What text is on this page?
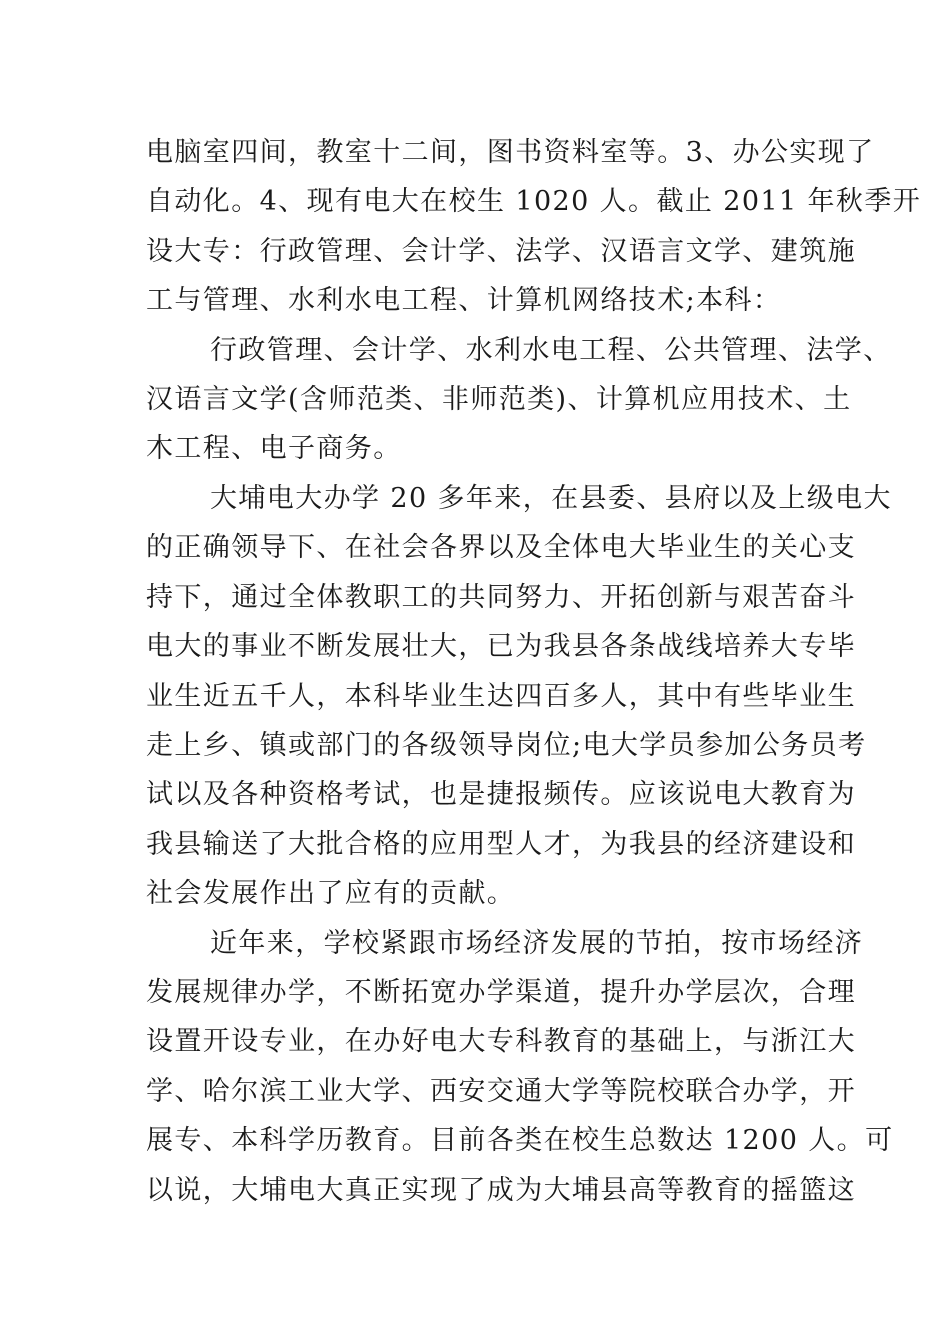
电脑室四间，教室十二间，图书资料室等。3、办公实现了
自动化。4、现有电大在校生 1020 人。截止 2011 年秋季开
设大专：行政管理、会计学、法学、汉语言文学、建筑施
工与管理、水利水电工程、计算机网络技术;本科：
行政管理、会计学、水利水电工程、公共管理、法学、
汉语言文学(含师范类、非师范类)、计算机应用技术、土
木工程、电子商务。
大埔电大办学 20 多年来，在县委、县府以及上级电大
的正确领导下、在社会各界以及全体电大毕业生的关心支
持下，通过全体教职工的共同努力、开拓创新与艰苦奋斗
电大的事业不断发展壮大，已为我县各条战线培养大专毕
业生近五千人，本科毕业生达四百多人，其中有些毕业生
走上乡、镇或部门的各级领导岗位;电大学员参加公务员考
试以及各种资格考试，也是捷报频传。应该说电大教育为
我县输送了大批合格的应用型人才，为我县的经济建设和
社会发展作出了应有的贡献。
近年来，学校紧跟市场经济发展的节拍，按市场经济
发展规律办学，不断拓宽办学渠道，提升办学层次，合理
设置开设专业，在办好电大专科教育的基础上，与浙江大
学、哈尔滨工业大学、西安交通大学等院校联合办学，开
展专、本科学历教育。目前各类在校生总数达 1200 人。可
以说，大埔电大真正实现了成为大埔县高等教育的摇篮这
